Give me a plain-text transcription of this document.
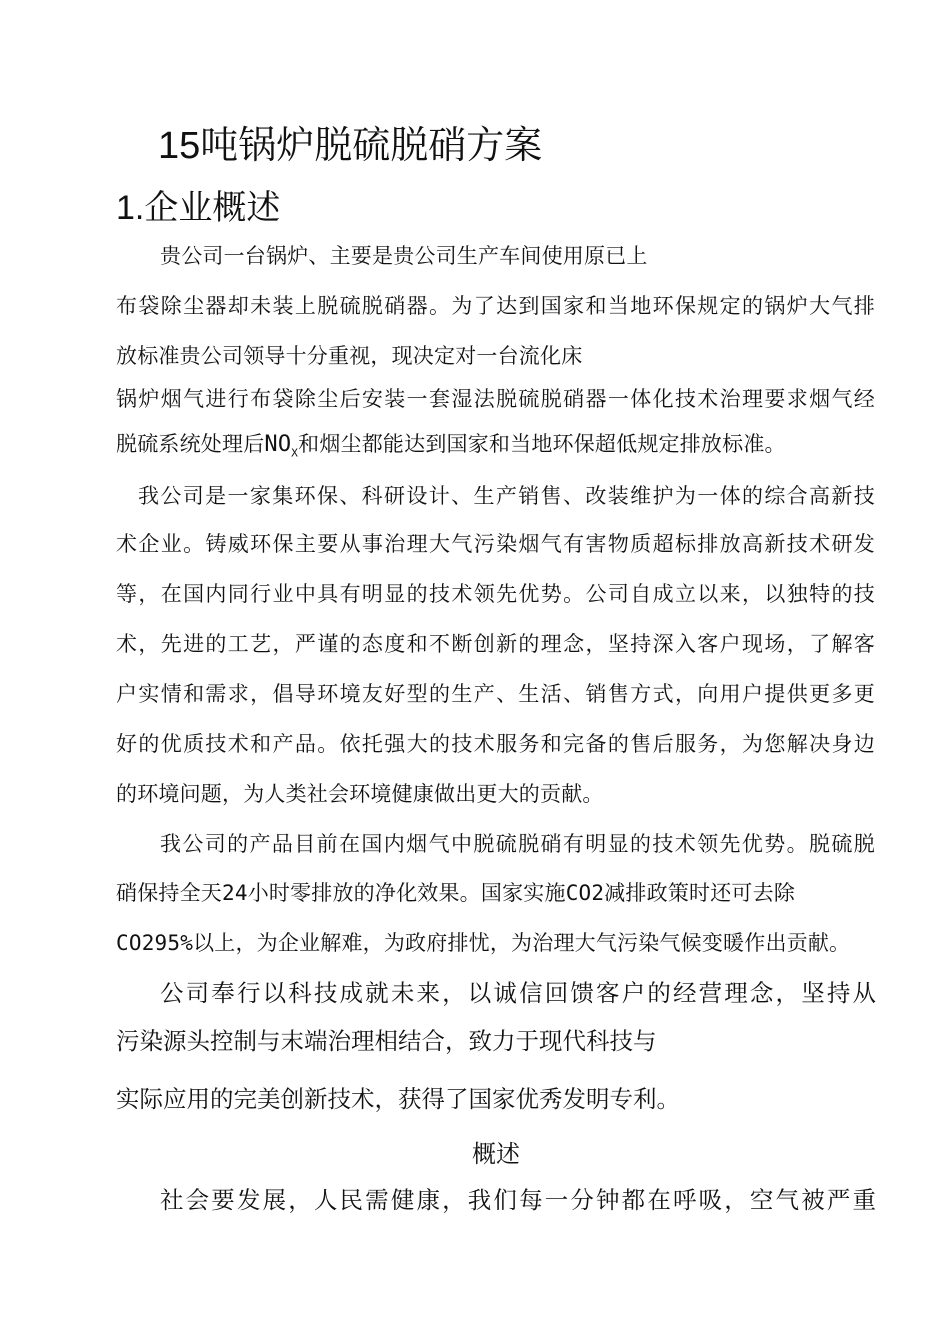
15吨锅炉脱硫脱硝方案
1.企业概述

贵公司一台锅炉、主要是贵公司生产车间使用原已上

布袋除尘器却未装上脱硫脱硝器。为了达到国家和当地环保规定的锅炉大气排

放标准贵公司领导十分重视，现决定对一台流化床

锅炉烟气进行布袋除尘后安装一套湿法脱硫脱硝器一体化技术治理要求烟气经

脱硫系统处理后$NO_X$和烟尘都能达到国家和当地环保超低规定排放标准。

我公司是一家集环保、科研设计、生产销售、改装维护为一体的综合高新技

术企业。铸威环保主要从事治理大气污染烟气有害物质超标排放高新技术研发

等，在国内同行业中具有明显的技术领先优势。公司自成立以来，以独特的技

术，先进的工艺，严谨的态度和不断创新的理念，坚持深入客户现场，了解客

户实情和需求，倡导环境友好型的生产、生活、销售方式，向用户提供更多更

好的优质技术和产品。依托强大的技术服务和完备的售后服务，为您解决身边

的环境问题，为人类社会环境健康做出更大的贡献。

我公司的产品目前在国内烟气中脱硫脱硝有明显的技术领先优势。脱硫脱

硝保持全天24小时零排放的净化效果。国家实施CO2减排政策时还可去除

CO295%以上，为企业解难，为政府排忧，为治理大气污染气候变暖作出贡献。

公司奉行以科技成就未来，以诚信回馈客户的经营理念，坚持从

污染源头控制与末端治理相结合，致力于现代科技与

实际应用的完美创新技术，获得了国家优秀发明专利。

概述

社会要发展，人民需健康，我们每一分钟都在呼吸，空气被严重
